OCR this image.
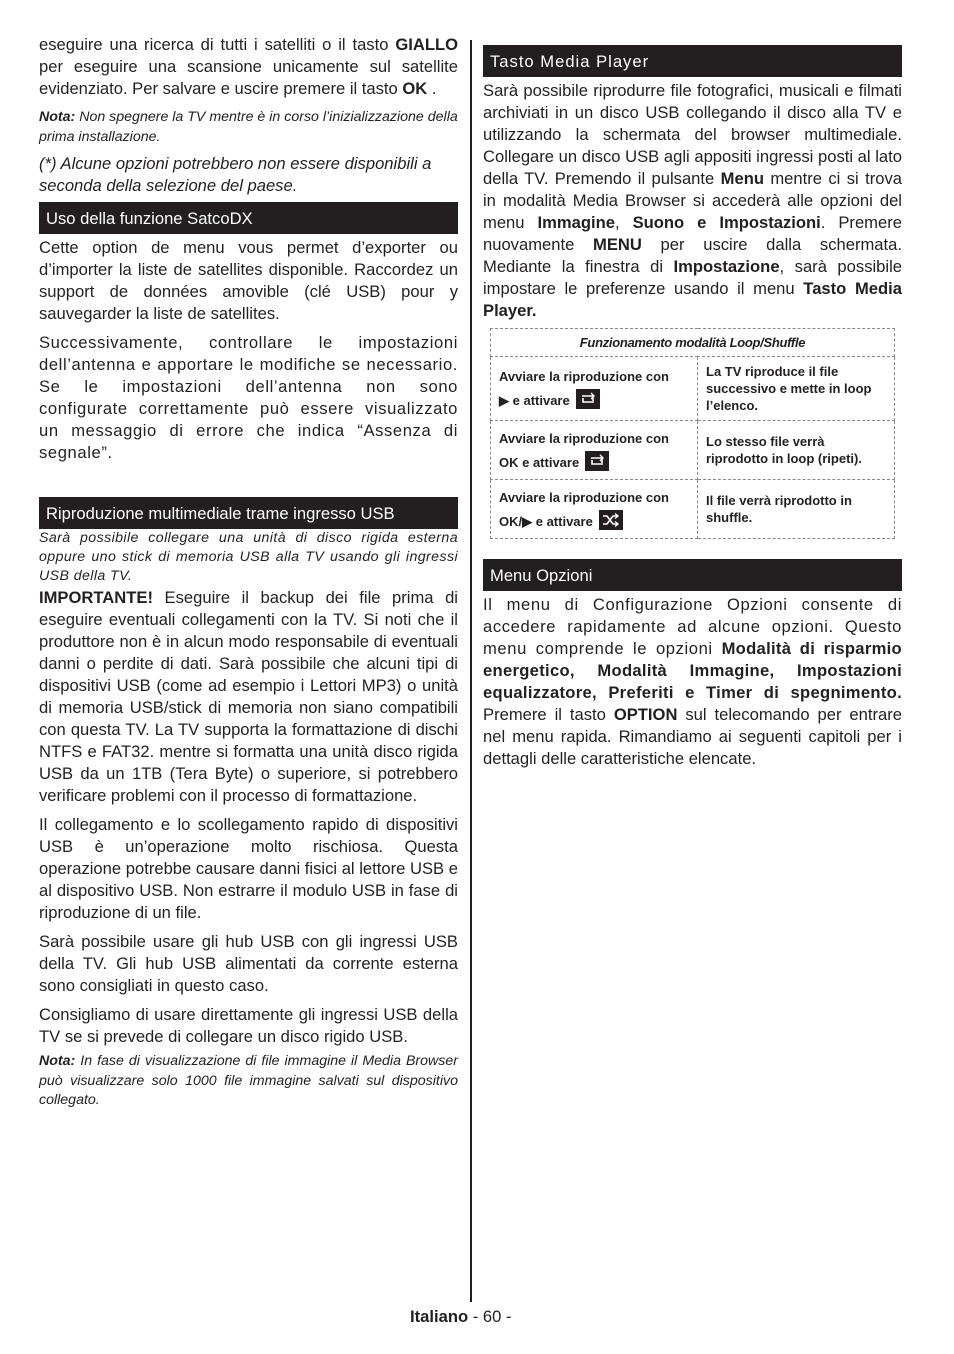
eseguire una ricerca di tutti i satelliti o il tasto GIALLO per eseguire una scansione unicamente sul satellite evidenziato. Per salvare e uscire premere il tasto OK .

Nota: Non spegnere la TV mentre è in corso l’inizializzazione della prima installazione.

(*) Alcune opzioni potrebbero non essere disponibili a seconda della selezione del paese.

Uso della funzione SatcoDX

Cette option de menu vous permet d’exporter ou d’importer la liste de satellites disponible. Raccordez un support de données amovible (clé USB) pour y sauvegarder la liste de satellites.

Successivamente, controllare le impostazioni dell’antenna e apportare le modifiche se necessario. Se le impostazioni dell’antenna non sono configurate correttamente può essere visualizzato un messaggio di errore che indica “Assenza di segnale”.

Riproduzione multimediale trame ingresso USB

Sarà possibile collegare una unità di disco rigida esterna oppure uno stick di memoria USB alla TV usando gli ingressi USB della TV.

IMPORTANTE! Eseguire il backup dei file prima di eseguire eventuali collegamenti con la TV. Si noti che il produttore non è in alcun modo responsabile di eventuali danni o perdite di dati. Sarà possibile che alcuni tipi di dispositivi USB (come ad esempio i Lettori MP3) o unità di memoria USB/stick di memoria non siano compatibili con questa TV. La TV supporta la formattazione di dischi NTFS e FAT32. mentre si formatta una unità disco rigida USB da un 1TB (Tera Byte) o superiore, si potrebbero verificare problemi con il processo di formattazione.

Il collegamento e lo scollegamento rapido di dispositivi USB è un’operazione molto rischiosa. Questa operazione potrebbe causare danni fisici al lettore USB e al dispositivo USB. Non estrarre il modulo USB in fase di riproduzione di un file.

Sarà possibile usare gli hub USB con gli ingressi USB della TV. Gli hub USB alimentati da corrente esterna sono consigliati in questo caso.

Consigliamo di usare direttamente gli ingressi USB della TV se si prevede di collegare un disco rigido USB.

Nota: In fase di visualizzazione di file immagine il Media Browser può visualizzare solo 1000 file immagine salvati sul dispositivo collegato.

Tasto Media Player

Sarà possibile riprodurre file fotografici, musicali e filmati archiviati in un disco USB collegando il disco alla TV e utilizzando la schermata del browser multimediale. Collegare un disco USB agli appositi ingressi posti al lato della TV. Premendo il pulsante Menu mentre ci si trova in modalità Media Browser si accederà alle opzioni del menu Immagine, Suono e Impostazioni. Premere nuovamente MENU per uscire dalla schermata. Mediante la finestra di Impostazione, sarà possibile impostare le preferenze usando il menu Tasto Media Player.

Funzionamento modalità Loop/Shuffle	

Avviare la riproduzione con
▶ e attivare	La TV riproduce il file successivo e mette in loop l’elenco.

Avviare la riproduzione con
OK e attivare	Lo stesso file verrà riprodotto in loop (ripeti).

Avviare la riproduzione con
OK/▶ e attivare	Il file verrà riprodotto in shuffle.
Menu Opzioni

Il menu di Configurazione Opzioni consente di accedere rapidamente ad alcune opzioni. Questo menu comprende le opzioni Modalità di risparmio energetico, Modalità Immagine, Impostazioni equalizzatore, Preferiti e Timer di spegnimento. Premere il tasto OPTION sul telecomando per entrare nel menu rapida. Rimandiamo ai seguenti capitoli per i dettagli delle caratteristiche elencate.

Italiano - 60 -
